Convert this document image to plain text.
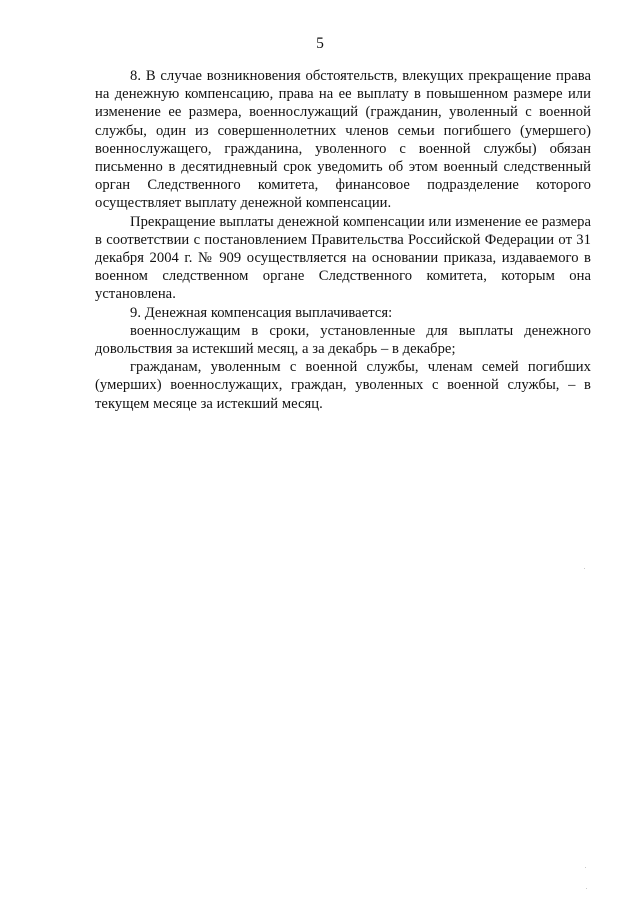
5

8. В случае возникновения обстоятельств, влекущих прекращение права на денежную компенсацию, права на ее выплату в повышенном размере или изменение ее размера, военнослужащий (гражданин, уволенный с военной службы, один из совершеннолетних членов семьи погибшего (умершего) военнослужащего, гражданина, уволенного с военной службы) обязан письменно в десятидневный срок уведомить об этом военный следственный орган Следственного комитета, финансовое подразделение которого осуществляет выплату денежной компенсации.

Прекращение выплаты денежной компенсации или изменение ее размера в соответствии с постановлением Правительства Российской Федерации от 31 декабря 2004 г. № 909 осуществляется на основании приказа, издаваемого в военном следственном органе Следственного комитета, которым она установлена.

9. Денежная компенсация выплачивается:

военнослужащим в сроки, установленные для выплаты денежного довольствия за истекший месяц, а за декабрь – в декабре;

гражданам, уволенным с военной службы, членам семей погибших (умерших) военнослужащих, граждан, уволенных с военной службы, – в текущем месяце за истекший месяц.
